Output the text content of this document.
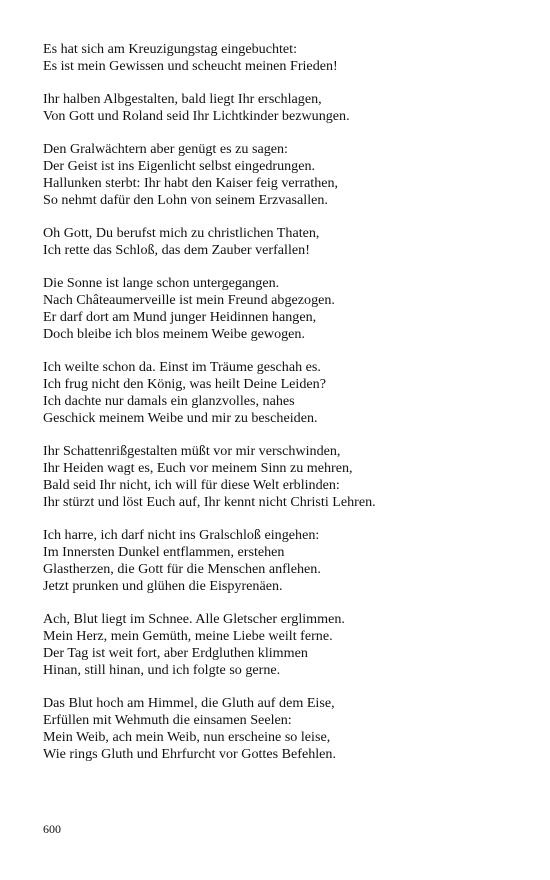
Es hat sich am Kreuzigungstag eingebuchtet:
Es ist mein Gewissen und scheucht meinen Frieden!
Ihr halben Albgestalten, bald liegt Ihr erschlagen,
Von Gott und Roland seid Ihr Lichtkinder bezwungen.
Den Gralwächtern aber genügt es zu sagen:
Der Geist ist ins Eigenlicht selbst eingedrungen.
Hallunken sterbt: Ihr habt den Kaiser feig verrathen,
So nehmt dafür den Lohn von seinem Erzvasallen.
Oh Gott, Du berufst mich zu christlichen Thaten,
Ich rette das Schloß, das dem Zauber verfallen!
Die Sonne ist lange schon untergegangen.
Nach Châteaumerveille ist mein Freund abgezogen.
Er darf dort am Mund junger Heidinnen hangen,
Doch bleibe ich blos meinem Weibe gewogen.
Ich weilte schon da. Einst im Träume geschah es.
Ich frug nicht den König, was heilt Deine Leiden?
Ich dachte nur damals ein glanzvolles, nahes
Geschick meinem Weibe und mir zu bescheiden.
Ihr Schattenrißgestalten müßt vor mir verschwinden,
Ihr Heiden wagt es, Euch vor meinem Sinn zu mehren,
Bald seid Ihr nicht, ich will für diese Welt erblinden:
Ihr stürzt und löst Euch auf, Ihr kennt nicht Christi Lehren.
Ich harre, ich darf nicht ins Gralschloß eingehen:
Im Innersten Dunkel entflammen, erstehen
Glastherzen, die Gott für die Menschen anflehen.
Jetzt prunken und glühen die Eispyrenäen.
Ach, Blut liegt im Schnee. Alle Gletscher erglimmen.
Mein Herz, mein Gemüth, meine Liebe weilt ferne.
Der Tag ist weit fort, aber Erdgluthen klimmen
Hinan, still hinan, und ich folgte so gerne.
Das Blut hoch am Himmel, die Gluth auf dem Eise,
Erfüllen mit Wehmuth die einsamen Seelen:
Mein Weib, ach mein Weib, nun erscheine so leise,
Wie rings Gluth und Ehrfurcht vor Gottes Befehlen.
600
